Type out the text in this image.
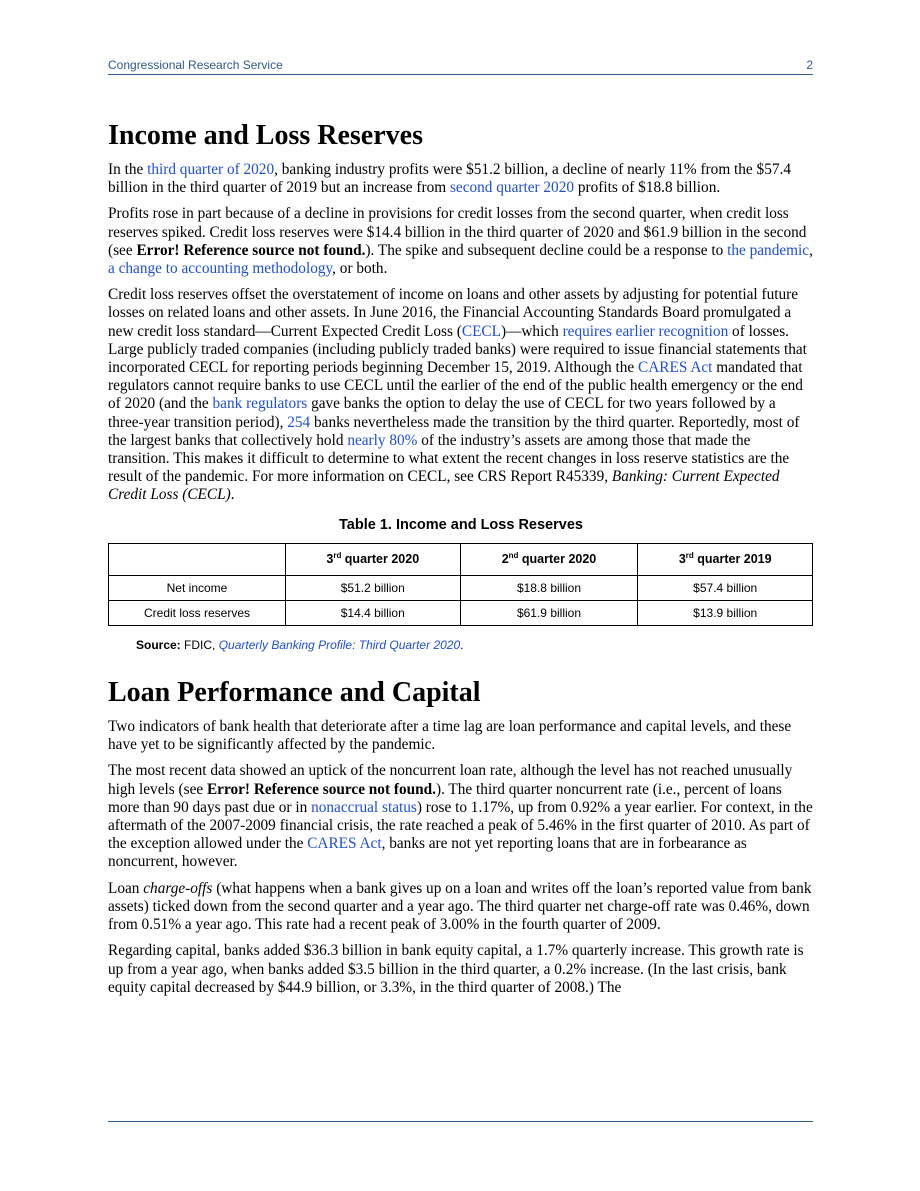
Congressional Research Service	2
Income and Loss Reserves

In the third quarter of 2020, banking industry profits were $51.2 billion, a decline of nearly 11% from the $57.4 billion in the third quarter of 2019 but an increase from second quarter 2020 profits of $18.8 billion.

Profits rose in part because of a decline in provisions for credit losses from the second quarter, when credit loss reserves spiked. Credit loss reserves were $14.4 billion in the third quarter of 2020 and $61.9 billion in the second (see Error! Reference source not found.). The spike and subsequent decline could be a response to the pandemic, a change to accounting methodology, or both.

Credit loss reserves offset the overstatement of income on loans and other assets by adjusting for potential future losses on related loans and other assets. In June 2016, the Financial Accounting Standards Board promulgated a new credit loss standard—Current Expected Credit Loss (CECL)—which requires earlier recognition of losses. Large publicly traded companies (including publicly traded banks) were required to issue financial statements that incorporated CECL for reporting periods beginning December 15, 2019. Although the CARES Act mandated that regulators cannot require banks to use CECL until the earlier of the end of the public health emergency or the end of 2020 (and the bank regulators gave banks the option to delay the use of CECL for two years followed by a three-year transition period), 254 banks nevertheless made the transition by the third quarter. Reportedly, most of the largest banks that collectively hold nearly 80% of the industry’s assets are among those that made the transition. This makes it difficult to determine to what extent the recent changes in loss reserve statistics are the result of the pandemic. For more information on CECL, see CRS Report R45339, Banking: Current Expected Credit Loss (CECL).

Table 1. Income and Loss Reserves
	3rd quarter 2020	2nd quarter 2020	3rd quarter 2019
Net income	$51.2 billion	$18.8 billion	$57.4 billion
Credit loss reserves	$14.4 billion	$61.9 billion	$13.9 billion
Source: FDIC, Quarterly Banking Profile: Third Quarter 2020.
Loan Performance and Capital

Two indicators of bank health that deteriorate after a time lag are loan performance and capital levels, and these have yet to be significantly affected by the pandemic.

The most recent data showed an uptick of the noncurrent loan rate, although the level has not reached unusually high levels (see Error! Reference source not found.). The third quarter noncurrent rate (i.e., percent of loans more than 90 days past due or in nonaccrual status) rose to 1.17%, up from 0.92% a year earlier. For context, in the aftermath of the 2007-2009 financial crisis, the rate reached a peak of 5.46% in the first quarter of 2010. As part of the exception allowed under the CARES Act, banks are not yet reporting loans that are in forbearance as noncurrent, however.

Loan charge-offs (what happens when a bank gives up on a loan and writes off the loan’s reported value from bank assets) ticked down from the second quarter and a year ago. The third quarter net charge-off rate was 0.46%, down from 0.51% a year ago. This rate had a recent peak of 3.00% in the fourth quarter of 2009.

Regarding capital, banks added $36.3 billion in bank equity capital, a 1.7% quarterly increase. This growth rate is up from a year ago, when banks added $3.5 billion in the third quarter, a 0.2% increase. (In the last crisis, bank equity capital decreased by $44.9 billion, or 3.3%, in the third quarter of 2008.) The
